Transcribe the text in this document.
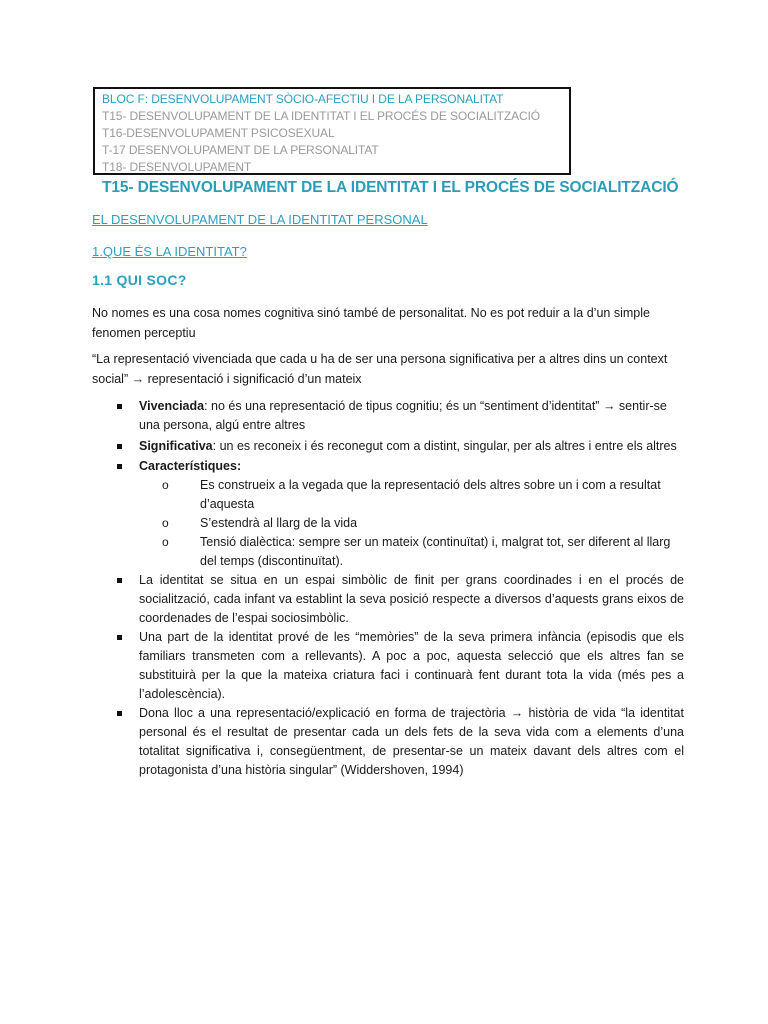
BLOC F: DESENVOLUPAMENT SÒCIO-AFECTIU I DE LA PERSONALITAT
T15- DESENVOLUPAMENT DE LA IDENTITAT I EL PROCÉS DE SOCIALITZACIÓ
T16-DESENVOLUPAMENT PSICOSEXUAL
T-17 DESENVOLUPAMENT DE LA PERSONALITAT
T18- DESENVOLUPAMENT
T15- DESENVOLUPAMENT DE LA IDENTITAT I EL PROCÉS DE SOCIALITZACIÓ
EL DESENVOLUPAMENT DE LA IDENTITAT PERSONAL
1.QUE ÉS LA IDENTITAT?
1.1 QUI SOC?
No nomes es una cosa nomes cognitiva sinó també de personalitat. No es pot reduir a la d’un simple fenomen perceptiu
“La representació vivenciada que cada u ha de ser una persona significativa per a altres dins un context social” → representació i significació d’un mateix
Vivenciada: no és una representació de tipus cognitiu; és un “sentiment d’identitat” → sentir-se una persona, algú entre altres
Significativa: un es reconeix i és reconegut com a distint, singular, per als altres i entre els altres
Característiques:
o	Es construeix a la vegada que la representació dels altres sobre un i com a resultat d’aquesta
o	S’estendrà al llarg de la vida
o	Tensió dialèctica: sempre ser un mateix (continuïtat) i, malgrat tot, ser diferent al llarg del temps (discontinuïtat).
La identitat se situa en un espai simbòlic de finit per grans coordinades i en el procés de socialització, cada infant va establint la seva posició respecte a diversos d’aquests grans eixos de coordenades de l’espai sociosimbòlic.
Una part de la identitat prové de les “memòries” de la seva primera infància (episodis que els familiars transmeten com a rellevants). A poc a poc, aquesta selecció que els altres fan se substituirà per la que la mateixa criatura faci i continuarà fent durant tota la vida (més pes a l’adolescència).
Dona lloc a una representació/explicació en forma de trajectòria → història de vida “la identitat personal és el resultat de presentar cada un dels fets de la seva vida com a elements d’una totalitat significativa i, consegüentment, de presentar-se un mateix davant dels altres com el protagonista d’una història singular” (Widdershoven, 1994)
